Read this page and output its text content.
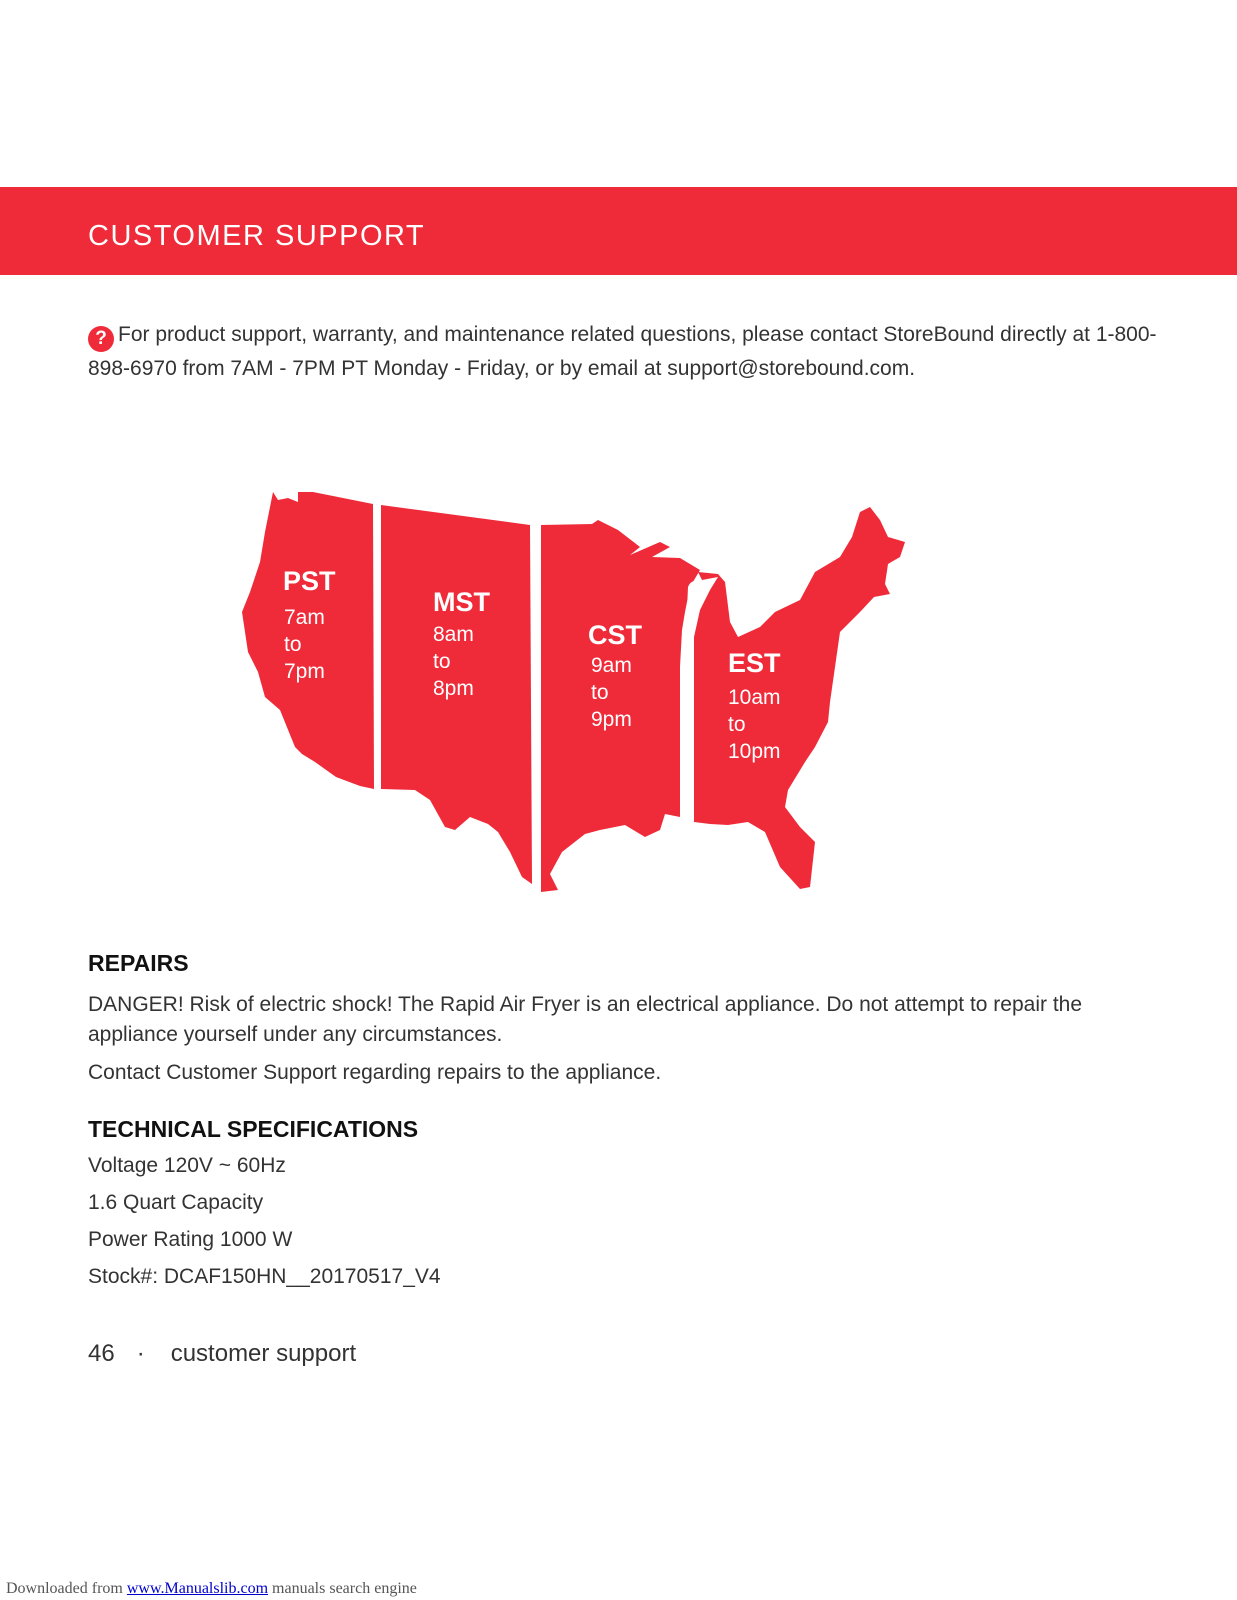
CUSTOMER SUPPORT
? For product support, warranty, and maintenance related questions, please contact StoreBound directly at 1-800-898-6970 from 7AM - 7PM PT Monday - Friday, or by email at support@storebound.com.
PST
7am
to
7pm
MST
8am
to
8pm
CST
9am
to
9pm
EST
10am
to
10pm
REPAIRS
DANGER! Risk of electric shock! The Rapid Air Fryer is an electrical appliance. Do not attempt to repair the appliance yourself under any circumstances.
Contact Customer Support regarding repairs to the appliance.
TECHNICAL SPECIFICATIONS
Voltage 120V ~ 60Hz
1.6 Quart Capacity
Power Rating 1000 W
Stock#: DCAF150HN__20170517_V4
46 · customer support
Downloaded from www.Manualslib.com manuals search engine
